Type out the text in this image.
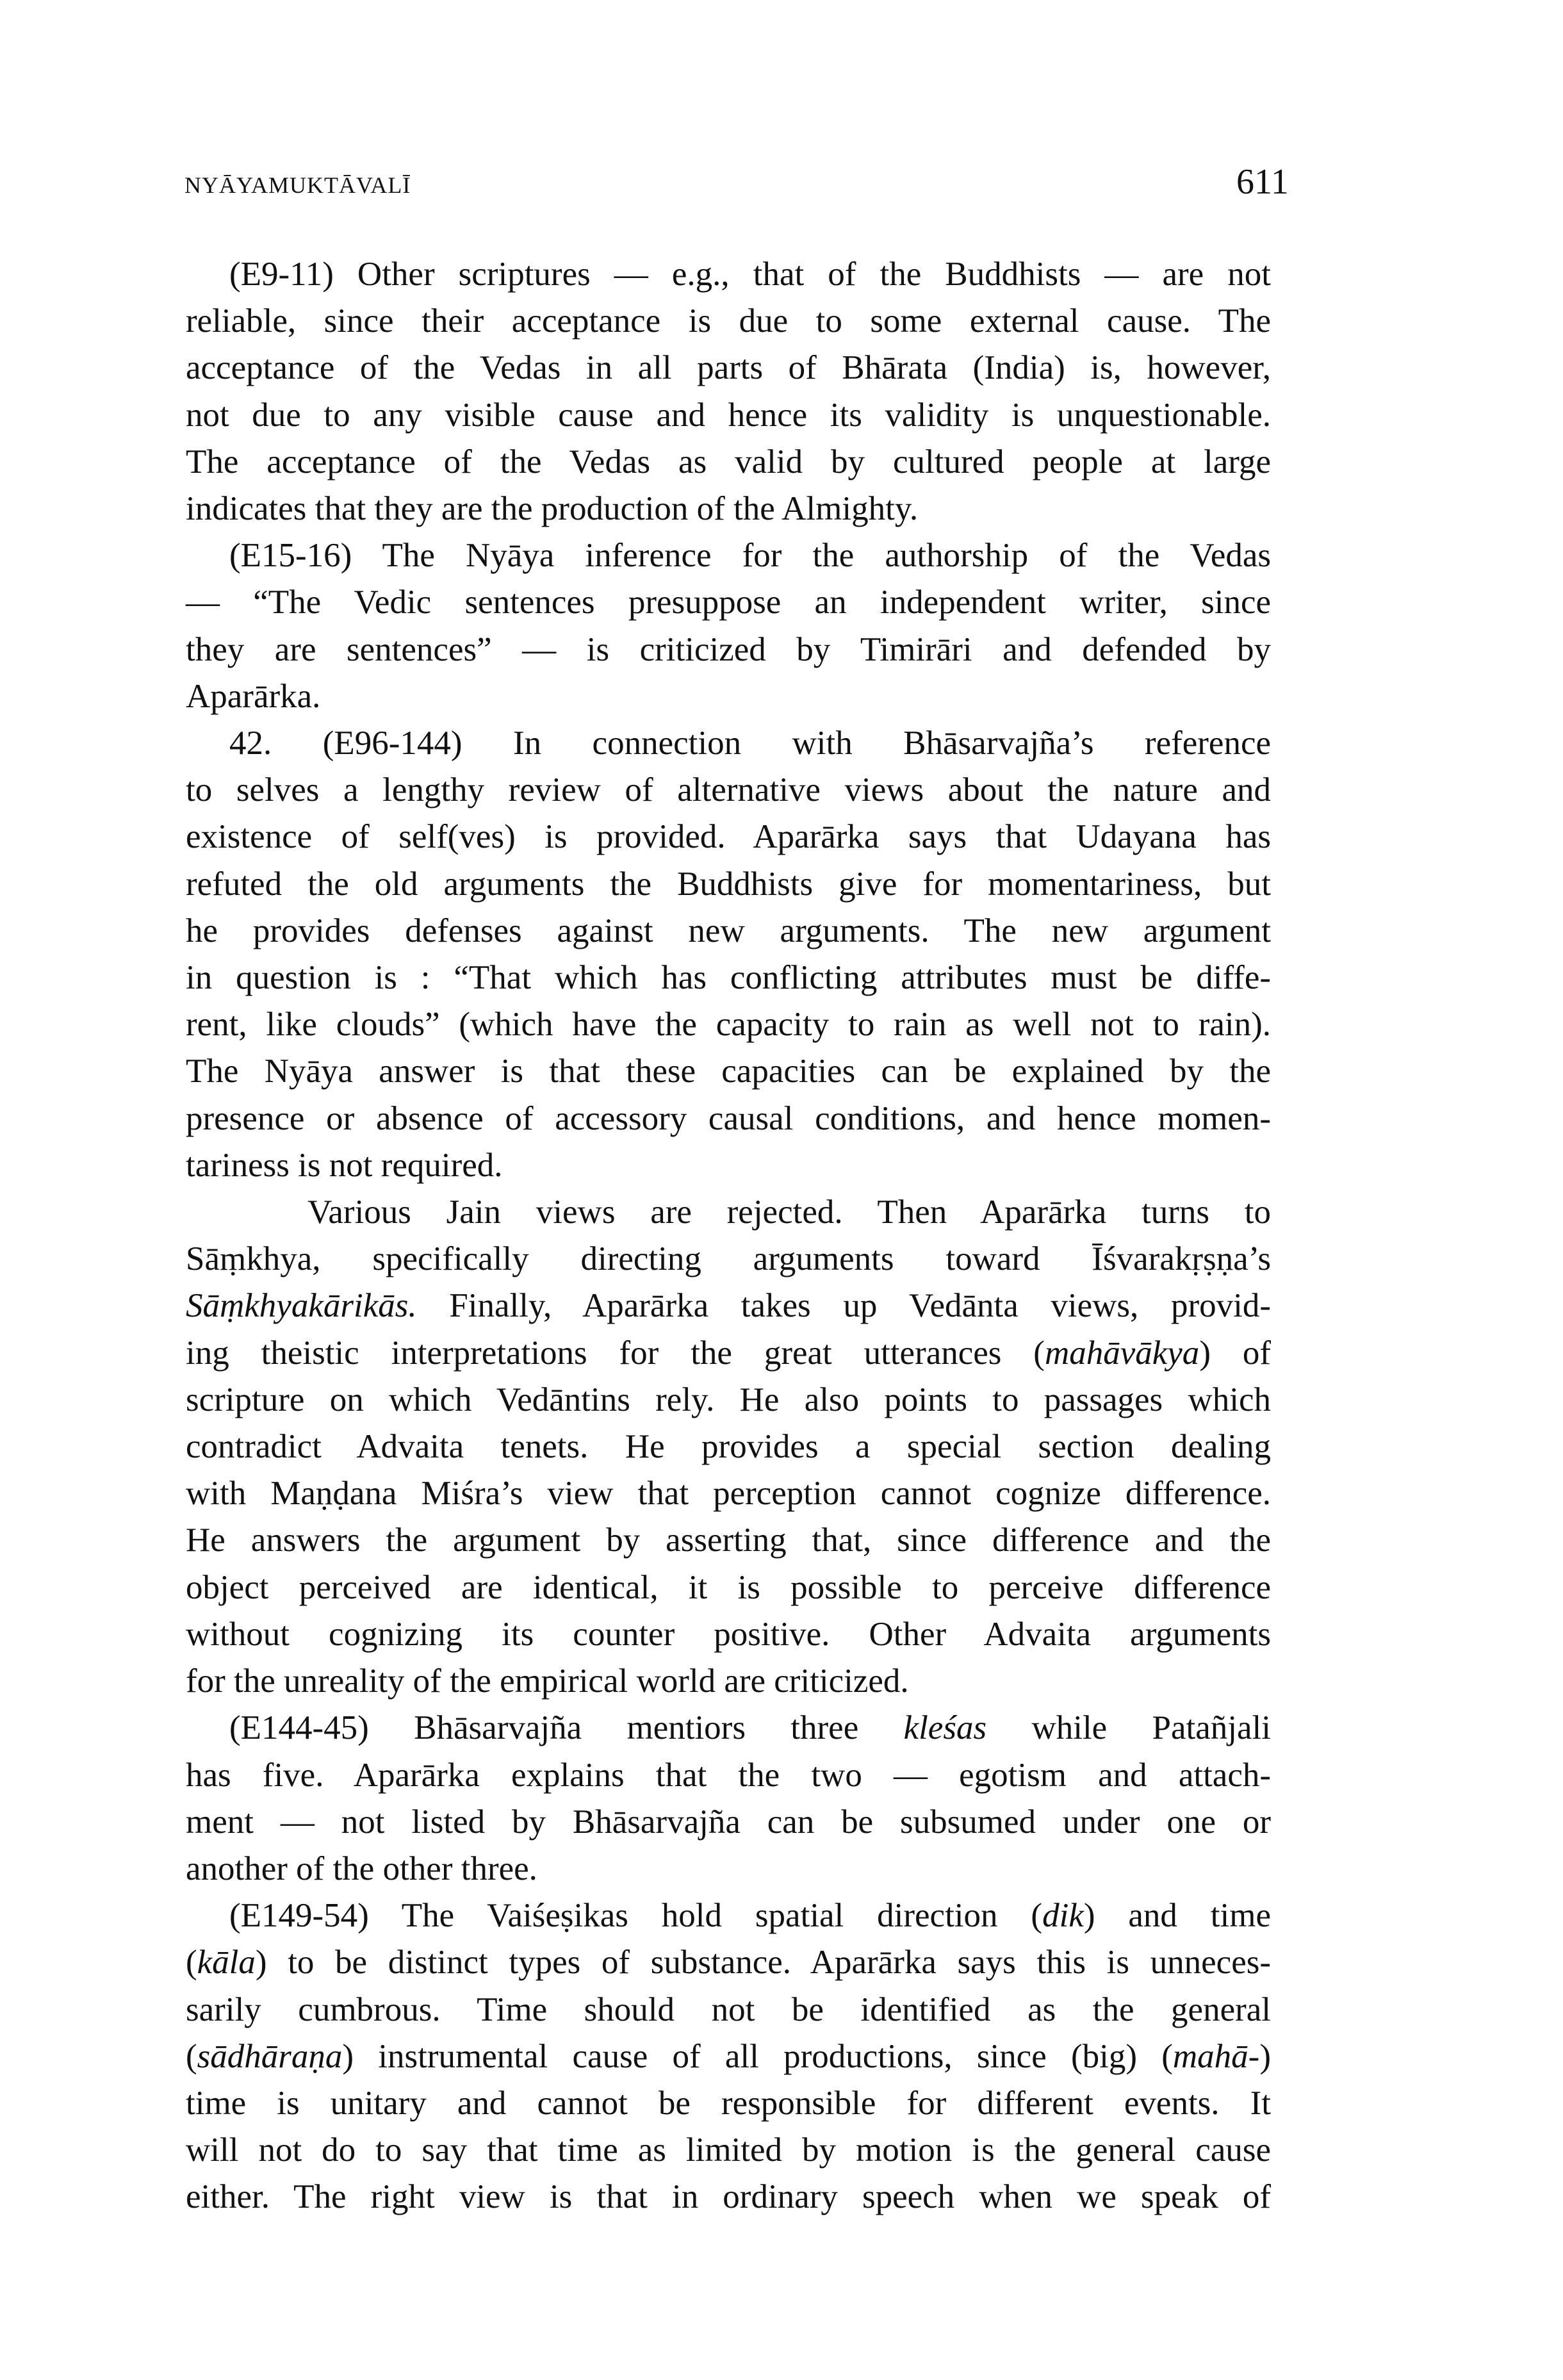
NYĀYAMUKTĀVALĪ	611
(E9-11) Other scriptures — e.g., that of the Buddhists — are not
reliable, since their acceptance is due to some external cause. The
acceptance of the Vedas in all parts of Bhārata (India) is, however,
not due to any visible cause and hence its validity is unquestionable.
The acceptance of the Vedas as valid by cultured people at large
indicates that they are the production of the Almighty.
(E15-16) The Nyāya inference for the authorship of the Vedas
— “The Vedic sentences presuppose an independent writer, since
they are sentences” — is criticized by Timirāri and defended by
Aparārka.
42. (E96-144) In connection with Bhāsarvajña’s reference
to selves a lengthy review of alternative views about the nature and
existence of self(ves) is provided. Aparārka says that Udayana has
refuted the old arguments the Buddhists give for momentariness, but
he provides defenses against new arguments. The new argument
in question is : “That which has conflicting attributes must be diffe-
rent, like clouds” (which have the capacity to rain as well not to rain).
The Nyāya answer is that these capacities can be explained by the
presence or absence of accessory causal conditions, and hence momen-
tariness is not required.
Various Jain views are rejected. Then Aparārka turns to
Sāṃkhya, specifically directing arguments toward Īśvarakṛṣṇa’s
Sāṃkhyakārikās. Finally, Aparārka takes up Vedānta views, provid-
ing theistic interpretations for the great utterances (mahāvākya) of
scripture on which Vedāntins rely. He also points to passages which
contradict Advaita tenets. He provides a special section dealing
with Maṇḍana Miśra’s view that perception cannot cognize difference.
He answers the argument by asserting that, since difference and the
object perceived are identical, it is possible to perceive difference
without cognizing its counter positive. Other Advaita arguments
for the unreality of the empirical world are criticized.
(E144-45) Bhāsarvajña mentiors three kleśas while Patañjali
has five. Aparārka explains that the two — egotism and attach-
ment — not listed by Bhāsarvajña can be subsumed under one or
another of the other three.
(E149-54) The Vaiśeṣikas hold spatial direction (dik) and time
(kāla) to be distinct types of substance. Aparārka says this is unneces-
sarily cumbrous. Time should not be identified as the general
(sādhāraṇa) instrumental cause of all productions, since (big) (mahā-)
time is unitary and cannot be responsible for different events. It
will not do to say that time as limited by motion is the general cause
either. The right view is that in ordinary speech when we speak of
